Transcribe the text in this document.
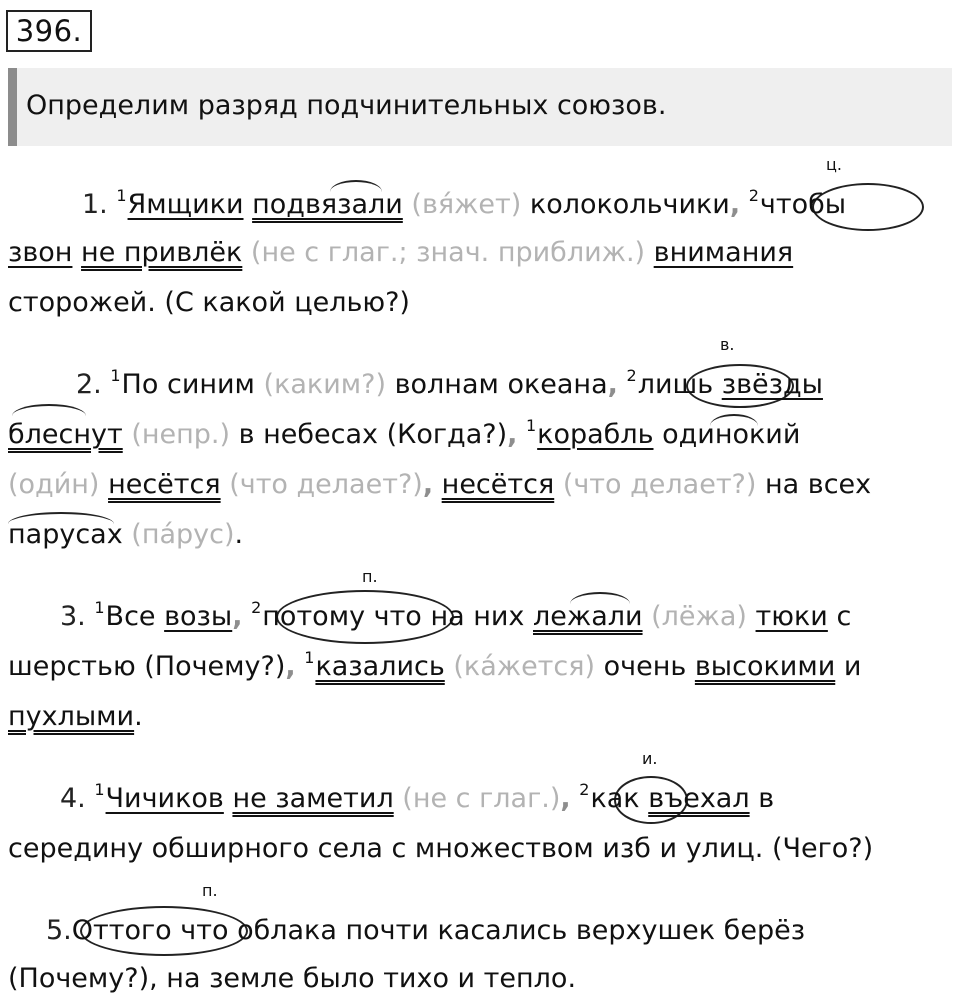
396.
Определим разряд подчинительных союзов.
ц.
1. $^1$Ямщики подвязали (вя́жет) колокольчики, $^2$чтобы
звон не привлёк (не с глаг.; знач. приближ.) внимания
сторожей. (С какой целью?)
в.
2. $^1$По синим (каким?) волнам океана, $^2$лишь звёзды
блеснут (непр.) в небесах (Когда?), $^1$корабль одинокий
(оди́н) несётся (что делает?), несётся (что делает?) на всех
парусах (па́рус).
п.
3. $^1$Все возы, $^2$потому что на них лежали (лёжа) тюки с
шерстью (Почему?), $^1$казались (ка́жется) очень высокими и
пухлыми.
и.
4. $^1$Чичиков не заметил (не с глаг.), $^2$как въехал в
середину обширного села с множеством изб и улиц. (Чего?)
п.
5.Оттого что облака почти касались верхушек берёз
(Почему?), на земле было тихо и тепло.
